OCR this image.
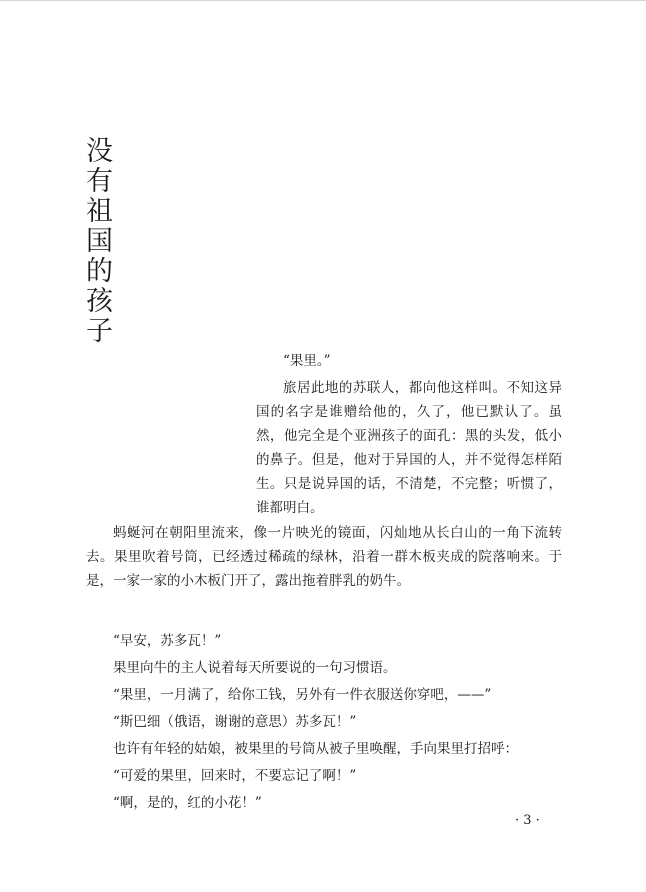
没
有
祖
国
的
孩
子

“果里。”

旅居此地的苏联人，都向他这样叫。不知这异国的名字是谁赠给他的，久了，他已默认了。虽然，他完全是个亚洲孩子的面孔：黑的头发，低小的鼻子。但是，他对于异国的人，并不觉得怎样陌生。只是说异国的话，不清楚，不完整；听惯了，谁都明白。

蚂蜒河在朝阳里流来，像一片映光的镜面，闪灿地从长白山的一角下流转去。果里吹着号筒，已经透过稀疏的绿林，沿着一群木板夹成的院落响来。于是，一家一家的小木板门开了，露出拖着胖乳的奶牛。

“早安，苏多瓦！”

果里向牛的主人说着每天所要说的一句习惯语。

“果里，一月满了，给你工钱，另外有一件衣服送你穿吧，——”

“斯巴细（俄语，谢谢的意思）苏多瓦！”

也许有年轻的姑娘，被果里的号筒从被子里唤醒，手向果里打招呼：

“可爱的果里，回来时，不要忘记了啊！”

“啊，是的，红的小花！”

· 3 ·
